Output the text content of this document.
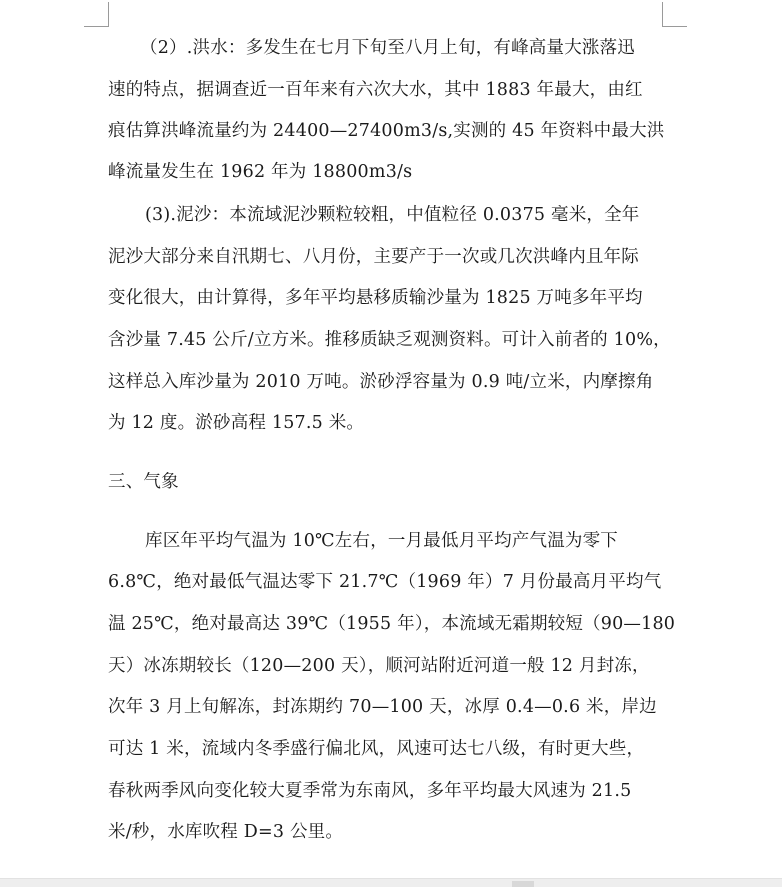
（2）.洪水：多发生在七月下旬至八月上旬，有峰高量大涨落迅
速的特点，据调查近一百年来有六次大水，其中 1883 年最大，由红
痕估算洪峰流量约为 24400—27400m3/s,实测的 45 年资料中最大洪
峰流量发生在 1962 年为 18800m3/s
(3).泥沙：本流域泥沙颗粒较粗，中值粒径 0.0375 毫米，全年
泥沙大部分来自汛期七、八月份，主要产于一次或几次洪峰内且年际
变化很大，由计算得，多年平均悬移质输沙量为 1825 万吨多年平均
含沙量 7.45 公斤/立方米。推移质缺乏观测资料。可计入前者的 10%，
这样总入库沙量为 2010 万吨。淤砂浮容量为 0.9 吨/立米，内摩擦角
为 12 度。淤砂高程 157.5 米。
三、气象
库区年平均气温为 10℃左右，一月最低月平均产气温为零下
6.8℃，绝对最低气温达零下 21.7℃（1969 年）7 月份最高月平均气
温 25℃，绝对最高达 39℃（1955 年），本流域无霜期较短（90—180
天）冰冻期较长（120—200 天），顺河站附近河道一般 12 月封冻，
次年 3 月上旬解冻，封冻期约 70—100 天，冰厚 0.4—0.6 米，岸边
可达 1 米，流域内冬季盛行偏北风，风速可达七八级，有时更大些，
春秋两季风向变化较大夏季常为东南风，多年平均最大风速为 21.5
米/秒，水库吹程 D=3 公里。
